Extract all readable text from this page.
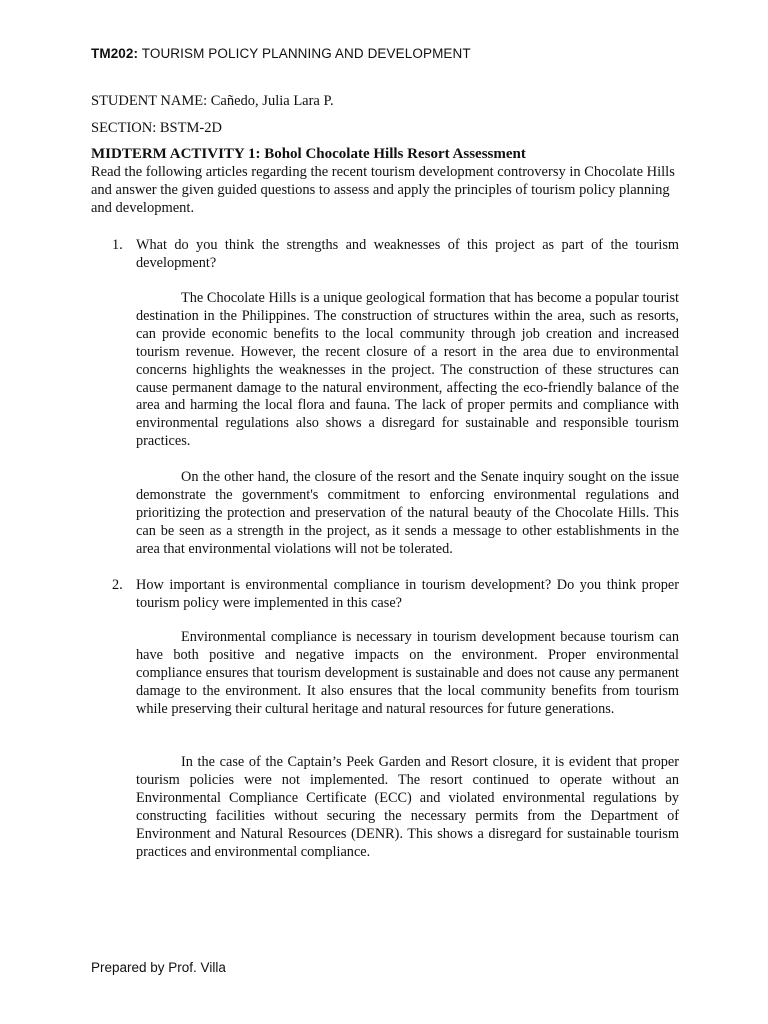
TM202: TOURISM POLICY PLANNING AND DEVELOPMENT
STUDENT NAME: Cañedo, Julia Lara P.
SECTION: BSTM-2D
MIDTERM ACTIVITY 1: Bohol Chocolate Hills Resort Assessment
Read the following articles regarding the recent tourism development controversy in Chocolate Hills and answer the given guided questions to assess and apply the principles of tourism policy planning and development.
1. What do you think the strengths and weaknesses of this project as part of the tourism development?
The Chocolate Hills is a unique geological formation that has become a popular tourist destination in the Philippines. The construction of structures within the area, such as resorts, can provide economic benefits to the local community through job creation and increased tourism revenue. However, the recent closure of a resort in the area due to environmental concerns highlights the weaknesses in the project. The construction of these structures can cause permanent damage to the natural environment, affecting the eco-friendly balance of the area and harming the local flora and fauna. The lack of proper permits and compliance with environmental regulations also shows a disregard for sustainable and responsible tourism practices.
On the other hand, the closure of the resort and the Senate inquiry sought on the issue demonstrate the government's commitment to enforcing environmental regulations and prioritizing the protection and preservation of the natural beauty of the Chocolate Hills. This can be seen as a strength in the project, as it sends a message to other establishments in the area that environmental violations will not be tolerated.
2. How important is environmental compliance in tourism development? Do you think proper tourism policy were implemented in this case?
Environmental compliance is necessary in tourism development because tourism can have both positive and negative impacts on the environment. Proper environmental compliance ensures that tourism development is sustainable and does not cause any permanent damage to the environment. It also ensures that the local community benefits from tourism while preserving their cultural heritage and natural resources for future generations.
In the case of the Captain’s Peek Garden and Resort closure, it is evident that proper tourism policies were not implemented. The resort continued to operate without an Environmental Compliance Certificate (ECC) and violated environmental regulations by constructing facilities without securing the necessary permits from the Department of Environment and Natural Resources (DENR). This shows a disregard for sustainable tourism practices and environmental compliance.
Prepared by Prof. Villa
